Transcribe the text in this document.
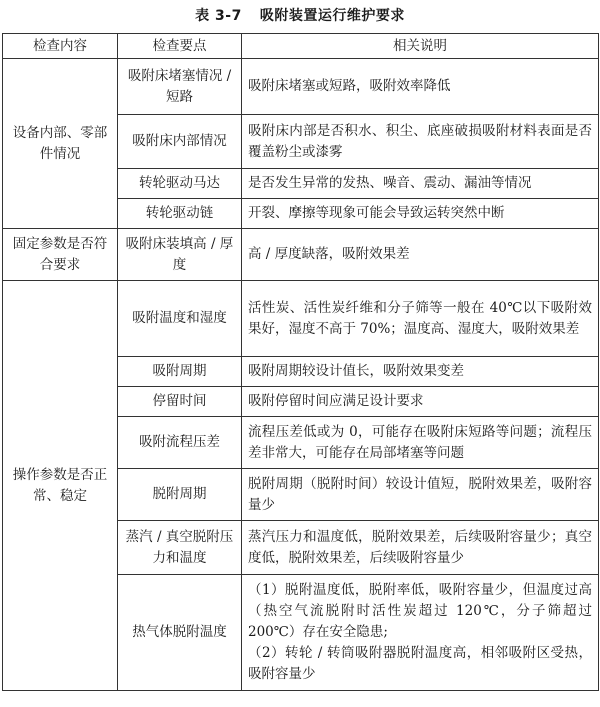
表 3-7 吸附装置运行维护要求
检查内容	检查要点	相关说明
设备内部、零部件情况	吸附床堵塞情况 / 短路	吸附床堵塞或短路，吸附效率降低
	吸附床内部情况	吸附床内部是否积水、积尘、底座破损吸附材料表面是否覆盖粉尘或漆雾
	转轮驱动马达	是否发生异常的发热、噪音、震动、漏油等情况
	转轮驱动链	开裂、摩擦等现象可能会导致运转突然中断
固定参数是否符合要求	吸附床装填高 / 厚度	高 / 厚度缺落，吸附效果差
操作参数是否正常、稳定	吸附温度和湿度	活性炭、活性炭纤维和分子筛等一般在 40℃以下吸附效果好，湿度不高于 70%；温度高、湿度大，吸附效果差
	吸附周期	吸附周期较设计值长，吸附效果变差
	停留时间	吸附停留时间应满足设计要求
	吸附流程压差	流程压差低或为 0，可能存在吸附床短路等问题；流程压差非常大，可能存在局部堵塞等问题
	脱附周期	脱附周期（脱附时间）较设计值短，脱附效果差，吸附容量少
	蒸汽 / 真空脱附压力和温度	蒸汽压力和温度低，脱附效果差，后续吸附容量少；真空度低，脱附效果差，后续吸附容量少
	热气体脱附温度	（1）脱附温度低，脱附率低，吸附容量少，但温度过高（热空气流脱附时活性炭超过 120℃，分子筛超过 200℃）存在安全隐患;
（2）转轮 / 转筒吸附器脱附温度高，相邻吸附区受热，吸附容量少
